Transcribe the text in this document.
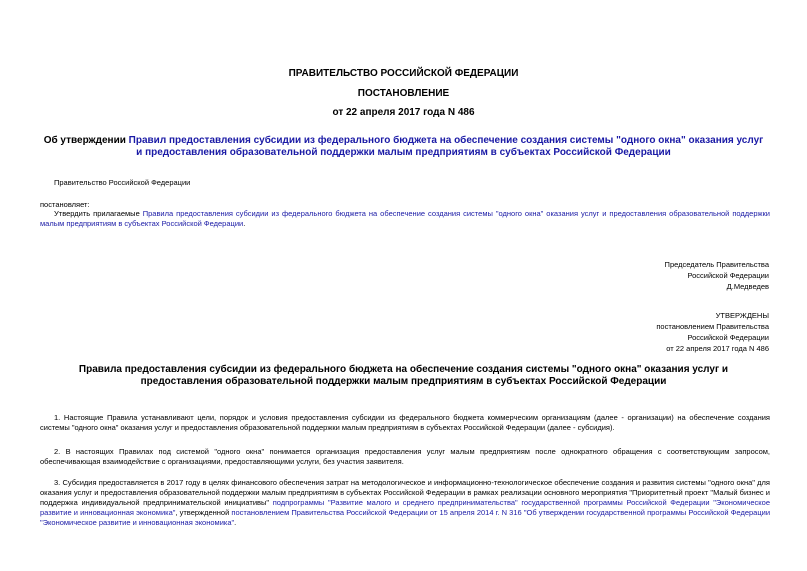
ПРАВИТЕЛЬСТВО РОССИЙСКОЙ ФЕДЕРАЦИИ
ПОСТАНОВЛЕНИЕ
от 22 апреля 2017 года N 486
Об утверждении Правил предоставления субсидии из федерального бюджета на обеспечение создания системы "одного окна" оказания услуг и предоставления образовательной поддержки малым предприятиям в субъектах Российской Федерации
Правительство Российской Федерации
постановляет:
Утвердить прилагаемые Правила предоставления субсидии из федерального бюджета на обеспечение создания системы "одного окна" оказания услуг и предоставления образовательной поддержки малым предприятиям в субъектах Российской Федерации.
Председатель Правительства
Российской Федерации
Д.Медведев
УТВЕРЖДЕНЫ
постановлением Правительства
Российской Федерации
от 22 апреля 2017 года N 486
Правила предоставления субсидии из федерального бюджета на обеспечение создания системы "одного окна" оказания услуг и предоставления образовательной поддержки малым предприятиям в субъектах Российской Федерации
1. Настоящие Правила устанавливают цели, порядок и условия предоставления субсидии из федерального бюджета коммерческим организациям (далее - организации) на обеспечение создания системы "одного окна" оказания услуг и предоставления образовательной поддержки малым предприятиям в субъектах Российской Федерации (далее - субсидия).
2. В настоящих Правилах под системой "одного окна" понимается организация предоставления услуг малым предприятиям после однократного обращения с соответствующим запросом, обеспечивающая взаимодействие с организациями, предоставляющими услуги, без участия заявителя.
3. Субсидия предоставляется в 2017 году в целях финансового обеспечения затрат на методологическое и информационно-технологическое обеспечение создания и развития системы "одного окна" для оказания услуг и предоставления образовательной поддержки малым предприятиям в субъектах Российской Федерации в рамках реализации основного мероприятия "Приоритетный проект "Малый бизнес и поддержка индивидуальной предпринимательской инициативы" подпрограммы "Развитие малого и среднего предпринимательства" государственной программы Российской Федерации "Экономическое развитие и инновационная экономика", утвержденной постановлением Правительства Российской Федерации от 15 апреля 2014 г. N 316 "Об утверждении государственной программы Российской Федерации "Экономическое развитие и инновационная экономика".
